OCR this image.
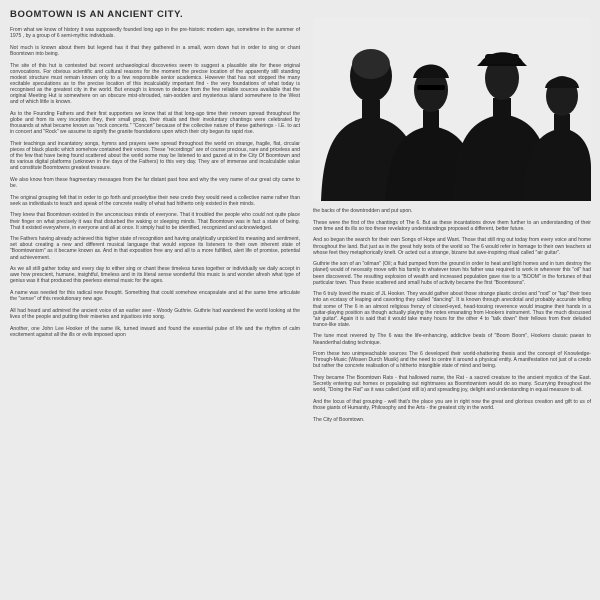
BOOMTOWN IS AN ANCIENT CITY.

From what we know of history it was supposedly founded long ago in the pre-historic modern age, sometime in the summer of 1975 , by a group of 6 semi-mythic individuals.

Not much is known about them but legend has it that they gathered in a small, worn down hut in order to sing or chant Boomtown into being.

The site of this hut is contested but recent archaeological discoveries seem to suggest a plausible site for these original convocations. For obvious scientific and cultural reasons for the moment the precise location of the apparently still standing modest structure must remain known only to a few responsible senior academics. However that has not stopped the many excitable speculations as to the precise location of this incalculably important find - the very foundations of what today is recognised as the greatest city in the world. But enough is known to deduce from the few reliable sources available that the original Meeting Hut is somewhere on an obscure mist-shrouded, rain-sodden and mysterious island somewhere to the West and of which little is known.

As to the Founding Fathers and their first supporters we know that at that long-ago time their renown spread throughout the globe and from its very inception they, their small group, their rituals and their involuntary chantings were celebrated by thousands at what became known as "rock concerts." "Concert" because of the collective nature of these gatherings - I.E. to act in concert and "Rock" we assume to signify the granite foundations upon which their city began its rapid rise.

Their teachings and incantatory songs, hymns and prayers were spread throughout the world on strange, fragile, flat, circular pieces of black plastic which somehow contained their voices. These "recordings" are of course precious, rare and priceless and of the few that have being found scattered about the world some may be listened to and gazed at in the City Of Boomtown and its various digital platforms (unknown in the days of the Fathers) to this very day. They are of immense and incalculable value and constitute Boomtowns greatest treasure.

We also know from these fragmentary messages from the far distant past how and why the very name of our great city came to be.

The original grouping felt that in order to go forth and proselytise their new credo they would need a collective name rather than seek as individuals to teach and speak of the concrete reality of what had hitherto only existed in their minds.

They knew that Boomtown existed in the unconscious minds of everyone. That it troubled the people who could not quite place their finger on what precisely it was that disturbed the waking or sleeping minds. That Boomtown was in fact a state of being. That it existed everywhere, in everyone and all at once. It simply had to be identified, recognized and acknowledged.

The Fathers having already achieved this higher state of recognition and having analytically unpicked its meaning and sentiment, set about creating a new and different musical language that would expose its listeners to their own inherent state of "Boomtownism" as it became known as. And in that exposition free any and all to a more fulfilled, alert life of promise, potential and achievement.

As we all still gather today and every day to either sing or chant these timeless tunes together or individually we daily accept in awe how prescient, humane, insightful, timeless and in its literal sense wonderful this music is and wonder afresh what type of genius was it that produced this peerless eternal music for the ages.

A name was needed for this radical new thought. Something that could somehow encapsulate and at the same time articulate the "sense" of this revolutionary new age.

All had heard and admired the ancient voice of an earlier seer - Woody Guthrie. Guthrie had wandered the world looking at the lives of the people and putting their miseries and injustices into song.

Another, one John Lee Hooker of the same ilk, turned inward and found the essential pulse of life and the rhythm of calm excitement against all the ills or evils imposed upon

the backs of the downtrodden and put upon.

These were the first of the chantings of The 6. But as these incantations drove them further to an understanding of their own time and its ills so too these revelatory understandings proposed a different, better future.

And so began the search for their own Songs of Hope and Want. Those that still ring out today from every voice and home throughout the land. But just as in the great holy texts of the world so The 6 would refer in homage to their own teachers at whose feet they metaphorically knelt. Or acted out a strange, bizarre but awe-inspiring ritual called "air guitar".

Guthrie the son of an "oilman" (Oil; a fluid pumped from the ground in order to heat and light homes and in turn destroy the planet) would of necessity move with his family to whatever town his father was required to work in wherever this "oil" had been discovered. The resulting explosion of wealth and increased population gave rise to a "BOOM" in the fortunes of that particular town. Thus these scattered and small hubs of activity became the first "Boomtowns".

The 6 truly loved the music of JL Hooker. They would gather about those strange plastic circles and "nod" or "tap" their toes into an ecstasy of leaping and cavorting they called "dancing". It is known through anecdotal and probably accurate telling that some of The 6 in an almost religious frenzy of closed-eyed, head-tossing reverence would imagine their hands in a guitar-playing position as though actually playing the notes emanating from Hookers instrument. Thus the much discussed "air guitar". Again it is said that it would take many hours for the other 4 to "talk down" their fellows from their deluded trance-like state.

The tune most revered by The 6 was the life-enhancing, addictive beats of "Boom Boom", Hookers classic paean to Neanderthal dating technique.

From these two unimpeachable sources The 6 developed their world-shattering thesis and the concept of Knowledge-Through-Music (Wissen Durch Musik) and the need to centre it around a physical entity. A manifestation not just of a credo but rather the concrete realisation of a hitherto intangible state of mind and being.

They became The Boomtown Rats - that hallowed name, the Rat - a sacred creature to the ancient mystics of the East. Secretly entering out homes or populating out nightmares as Boomtownism would do so many. Scurrying throughout the world, "Doing the Rat" as it was called (and still is) and spreading joy, delight and understanding in equal measure to all.

And the locus of that grouping - well that's the place you are in right now the great and glorious creation and gift to us of those giants of Humanity, Philosophy and the Arts - the greatest city in the world.

The City of Boomtown.
